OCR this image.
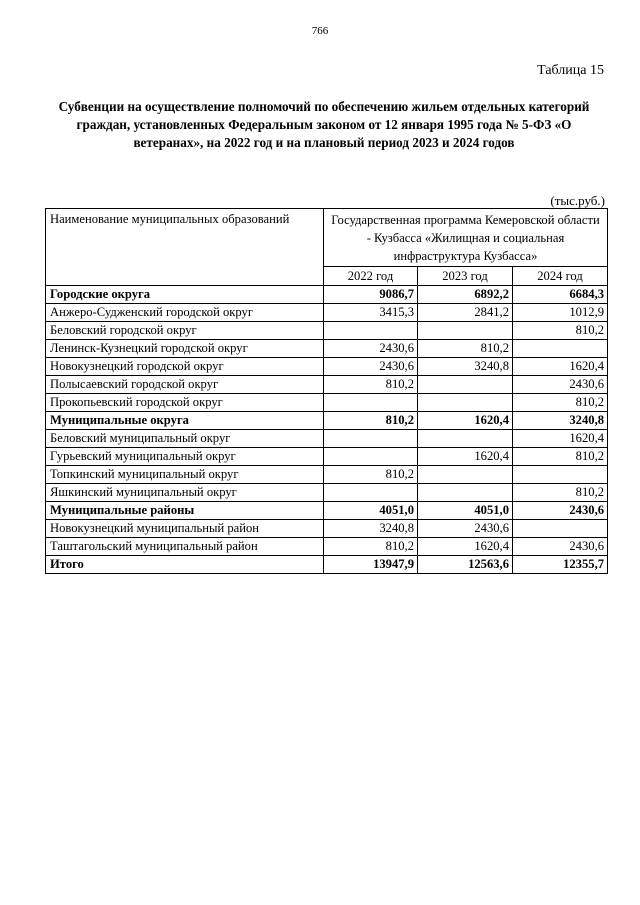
766
Таблица 15
Субвенции на осуществление полномочий по обеспечению жильем отдельных категорий граждан, установленных Федеральным законом от 12 января 1995 года № 5-ФЗ «О ветеранах», на 2022 год и на плановый период 2023 и 2024 годов
(тыс.руб.)
Наименование муниципальных образований	Государственная программа Кемеровской области - Кузбасса «Жилищная и социальная инфраструктура Кузбасса»		
	2022 год	2023 год	2024 год
Городские округа	9086,7	6892,2	6684,3
Анжеро-Судженский городской округ	3415,3	2841,2	1012,9
Беловский городской округ			810,2
Ленинск-Кузнецкий городской округ	2430,6	810,2	
Новокузнецкий городской округ	2430,6	3240,8	1620,4
Полысаевский городской округ	810,2		2430,6
Прокопьевский городской округ			810,2
Муниципальные округа	810,2	1620,4	3240,8
Беловский муниципальный округ			1620,4
Гурьевский муниципальный округ		1620,4	810,2
Топкинский муниципальный округ	810,2		
Яшкинский муниципальный округ			810,2
Муниципальные районы	4051,0	4051,0	2430,6
Новокузнецкий муниципальный район	3240,8	2430,6	
Таштагольский муниципальный район	810,2	1620,4	2430,6
Итого	13947,9	12563,6	12355,7
